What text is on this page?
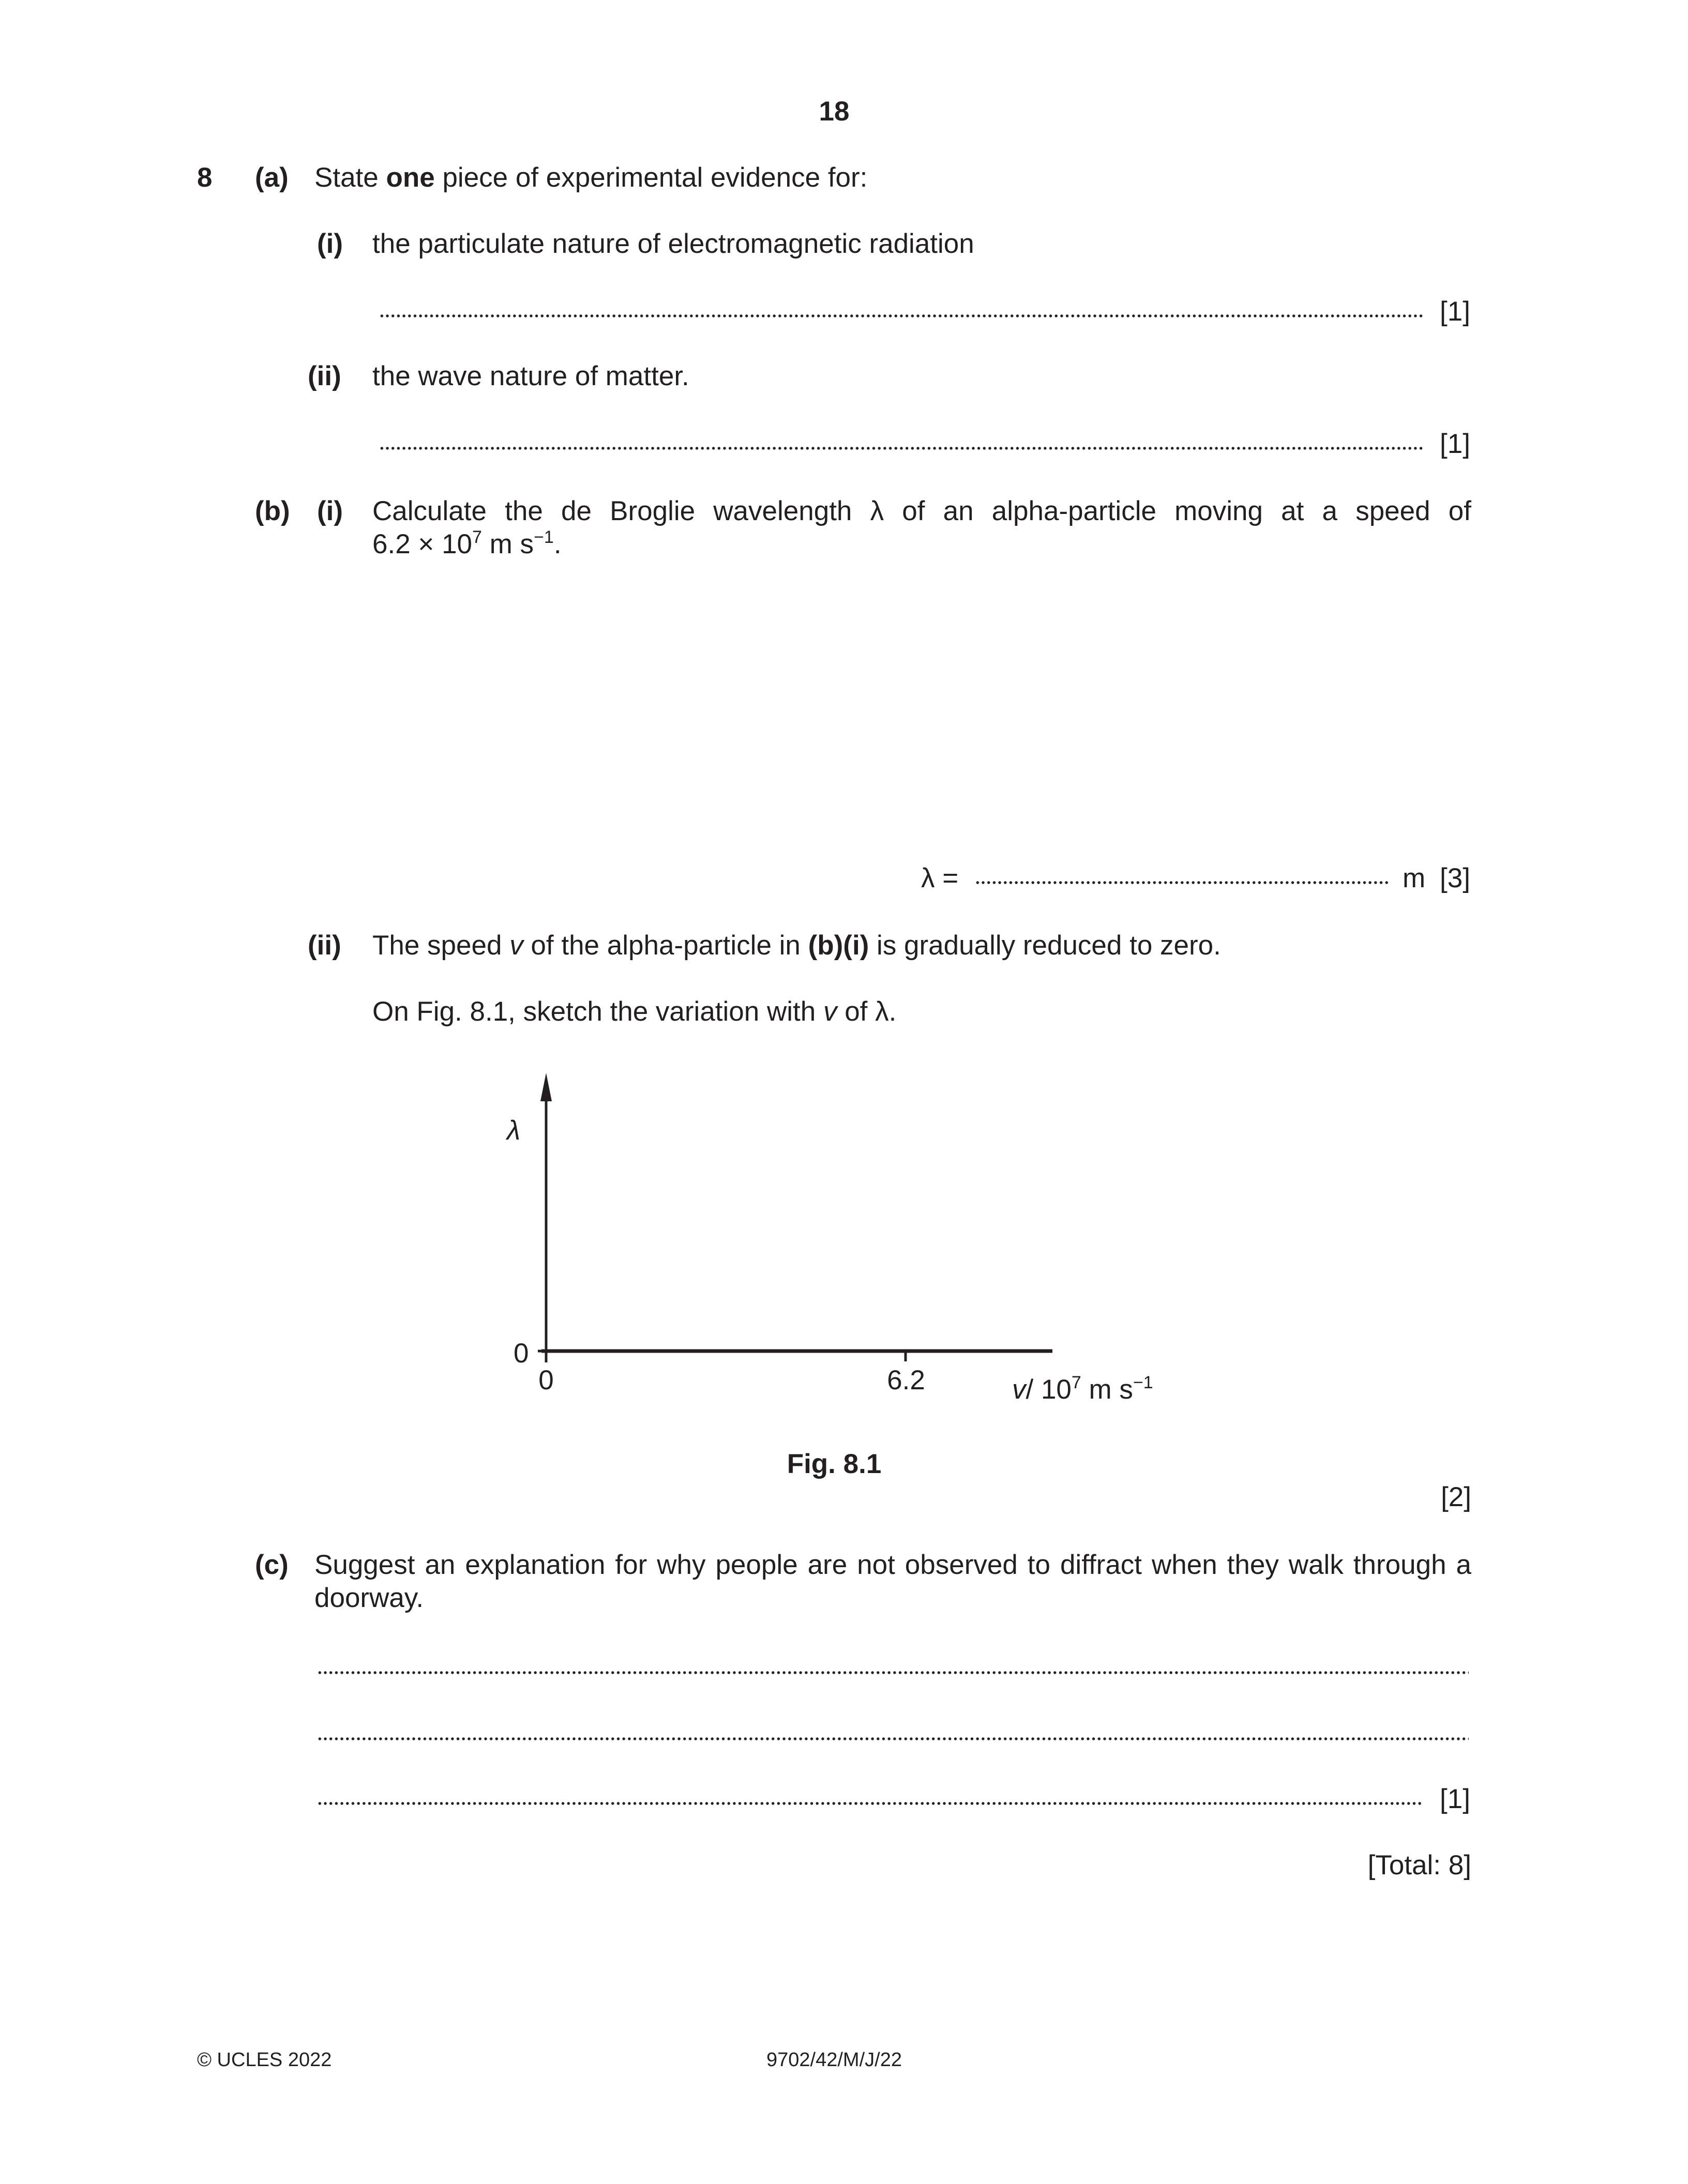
18
8 (a) State one piece of experimental evidence for:
(i) the particulate nature of electromagnetic radiation
[1]
(ii) the wave nature of matter.
[1]
(b) (i) Calculate the de Broglie wavelength λ of an alpha-particle moving at a speed of
$6.2 \times 10^7$ m $s^{-1}$.
λ =	m [3]
(ii) The speed v of the alpha-particle in (b)(i) is gradually reduced to zero.
On Fig. 8.1, sketch the variation with v of λ.
λ
0
0	6.2	v/ $10^7$ m $s^{-1}$
Fig. 8.1
[2]
(c) Suggest an explanation for why people are not observed to diffract when they walk through a
doorway.
[1]
[Total: 8]
© UCLES 2022	9702/42/M/J/22
